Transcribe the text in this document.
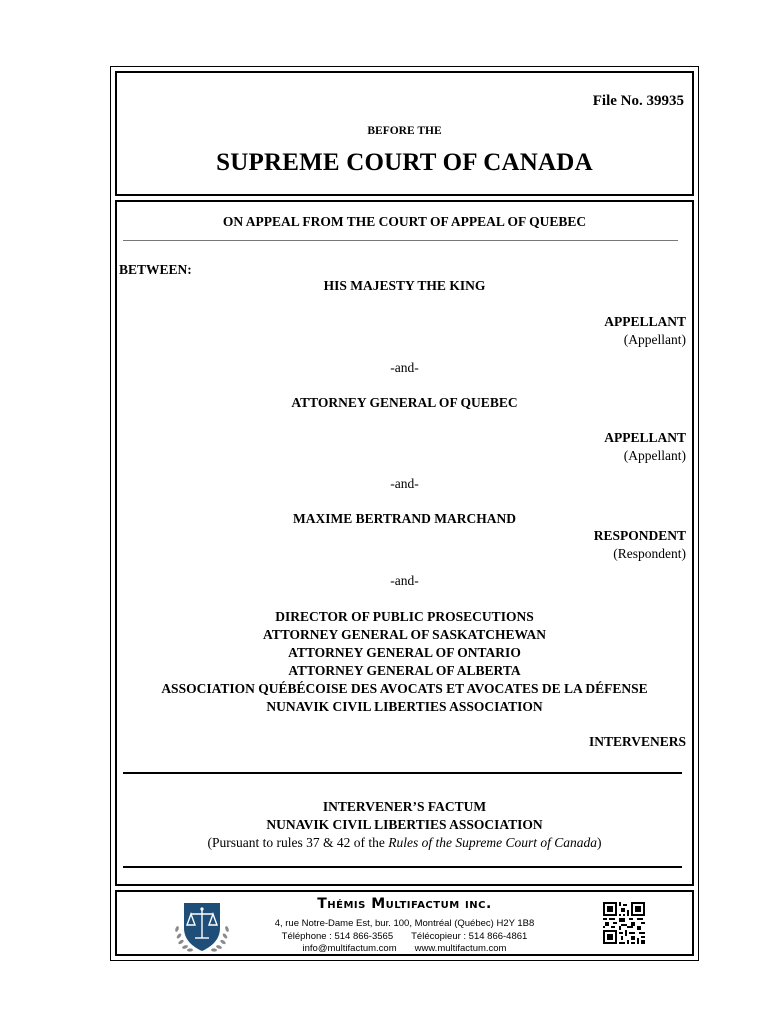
File No. 39935
BEFORE THE
SUPREME COURT OF CANADA
ON APPEAL FROM THE COURT OF APPEAL OF QUEBEC
BETWEEN:
HIS MAJESTY THE KING
APPELLANT
(Appellant)
-and-
ATTORNEY GENERAL OF QUEBEC
APPELLANT
(Appellant)
-and-
MAXIME BERTRAND MARCHAND
RESPONDENT
(Respondent)
-and-
DIRECTOR OF PUBLIC PROSECUTIONS
ATTORNEY GENERAL OF SASKATCHEWAN
ATTORNEY GENERAL OF ONTARIO
ATTORNEY GENERAL OF ALBERTA
ASSOCIATION QUÉBÉCOISE DES AVOCATS ET AVOCATES DE LA DÉFENSE
NUNAVIK CIVIL LIBERTIES ASSOCIATION
INTERVENERS
INTERVENER’S FACTUM
NUNAVIK CIVIL LIBERTIES ASSOCIATION
(Pursuant to rules 37 & 42 of the Rules of the Supreme Court of Canada)
Thémis Multifactum inc.
4, rue Notre-Dame Est, bur. 100, Montréal (Québec) H2Y 1B8
Téléphone : 514 866-3565 Télécopieur : 514 866-4861
info@multifactum.com www.multifactum.com
